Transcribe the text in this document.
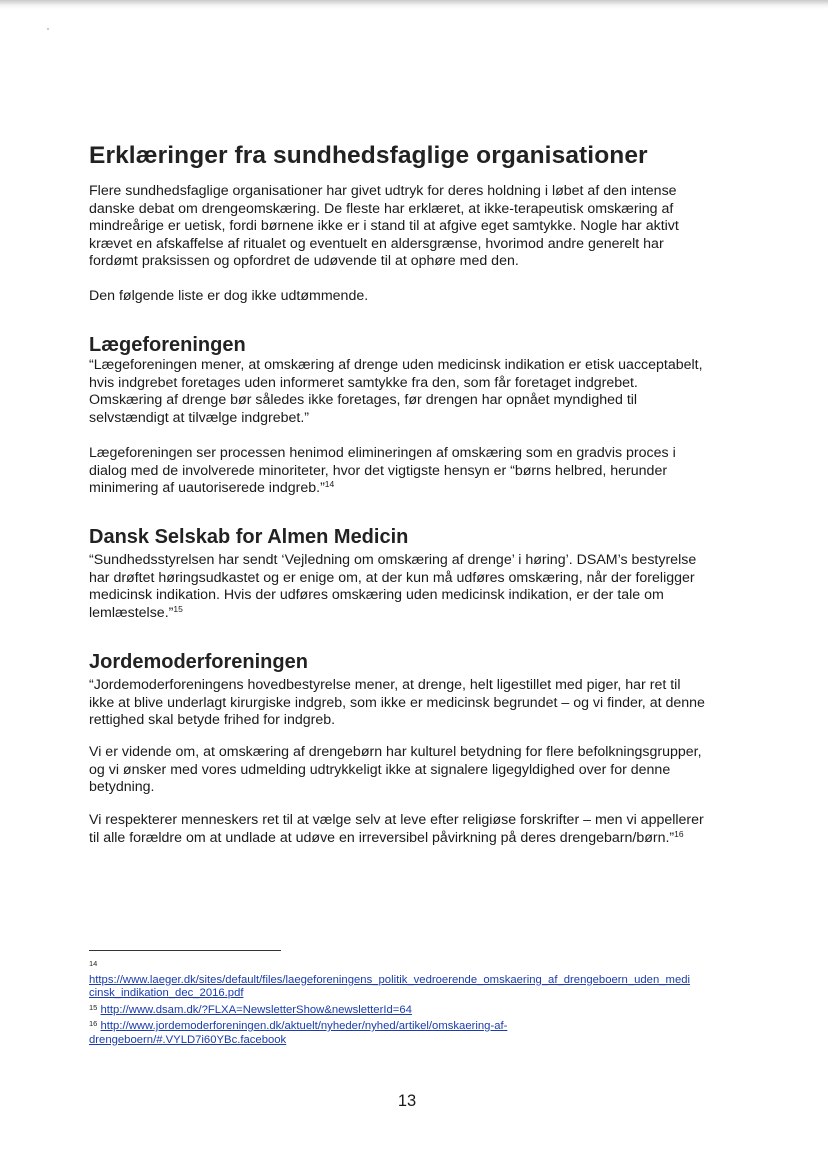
Erklæringer fra sundhedsfaglige organisationer

Flere sundhedsfaglige organisationer har givet udtryk for deres holdning i løbet af den intense
danske debat om drengeomskæring. De fleste har erklæret, at ikke-terapeutisk omskæring af
mindreårige er uetisk, fordi børnene ikke er i stand til at afgive eget samtykke. Nogle har aktivt
krævet en afskaffelse af ritualet og eventuelt en aldersgrænse, hvorimod andre generelt har
fordømt praksissen og opfordret de udøvende til at ophøre med den.

Den følgende liste er dog ikke udtømmende.

Lægeforeningen

“Lægeforeningen mener, at omskæring af drenge uden medicinsk indikation er etisk uacceptabelt,
hvis indgrebet foretages uden informeret samtykke fra den, som får foretaget indgrebet.
Omskæring af drenge bør således ikke foretages, før drengen har opnået myndighed til
selvstændigt at tilvælge indgrebet.”

Lægeforeningen ser processen henimod elimineringen af omskæring som en gradvis proces i
dialog med de involverede minoriteter, hvor det vigtigste hensyn er “børns helbred, herunder
minimering af uautoriserede indgreb.”$^{14}$

Dansk Selskab for Almen Medicin

“Sundhedsstyrelsen har sendt ‘Vejledning om omskæring af drenge’ i høring’. DSAM’s bestyrelse
har drøftet høringsudkastet og er enige om, at der kun må udføres omskæring, når der foreligger
medicinsk indikation. Hvis der udføres omskæring uden medicinsk indikation, er der tale om
lemlæstelse.”$^{15}$

Jordemoderforeningen

“Jordemoderforeningens hovedbestyrelse mener, at drenge, helt ligestillet med piger, har ret til
ikke at blive underlagt kirurgiske indgreb, som ikke er medicinsk begrundet – og vi finder, at denne
rettighed skal betyde frihed for indgreb.

Vi er vidende om, at omskæring af drengebørn har kulturel betydning for flere befolkningsgrupper,
og vi ønsker med vores udmelding udtrykkeligt ikke at signalere ligegyldighed over for denne
betydning.

Vi respekterer menneskers ret til at vælge selv at leve efter religiøse forskrifter – men vi appellerer
til alle forældre om at undlade at udøve en irreversibel påvirkning på deres drengebarn/børn.”$^{16}$

$^{14}$
https://www.laeger.dk/sites/default/files/laegeforeningens_politik_vedroerende_omskaering_af_drengeboern_uden_medi
cinsk_indikation_dec_2016.pdf
$^{15}$ http://www.dsam.dk/?FLXA=NewsletterShow&newsletterId=64
$^{16}$ http://www.jordemoderforeningen.dk/aktuelt/nyheder/nyhed/artikel/omskaering-af-
drengeboern/#.VYLD7i60YBc.facebook
13
